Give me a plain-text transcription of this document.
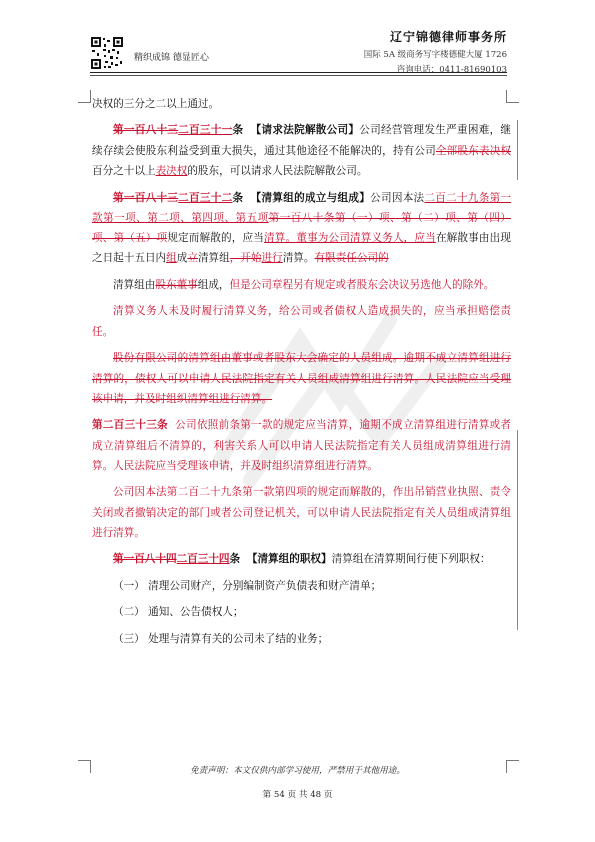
精织成锦 德显匠心
辽宁锦德律师事务所
国际 5A 级商务写字楼德健大厦 1726
咨询电话：0411-81690103

决权的三分之二以上通过。

第一百八十三二百三十一条 【请求法院解散公司】公司经营管理发生严重困难，继续存续会使股东利益受到重大损失，通过其他途径不能解决的，持有公司全部股东表决权百分之十以上表决权的股东，可以请求人民法院解散公司。

第一百八十三二百三十二条 【清算组的成立与组成】公司因本法二百二十九条第一款第一项、第二项、第四项、第五项第一百八十条第（一）项、第（二）项、第（四）项、第（五）项规定而解散的，应当清算。董事为公司清算义务人，应当在解散事由出现之日起十五日内组成立清算组，开始进行清算。有限责任公司的

清算组由股东董事组成，但是公司章程另有规定或者股东会决议另选他人的除外。

清算义务人未及时履行清算义务，给公司或者债权人造成损失的，应当承担赔偿责任。

股份有限公司的清算组由董事或者股东大会确定的人员组成。逾期不成立清算组进行清算的，债权人可以申请人民法院指定有关人员组成清算组进行清算。人民法院应当受理该申请，并及时组织清算组进行清算。

第二百三十三条 公司依照前条第一款的规定应当清算，逾期不成立清算组进行清算或者成立清算组后不清算的，利害关系人可以申请人民法院指定有关人员组成清算组进行清算。人民法院应当受理该申请，并及时组织清算组进行清算。

公司因本法第二百二十九条第一款第四项的规定而解散的，作出吊销营业执照、责令关闭或者撤销决定的部门或者公司登记机关，可以申请人民法院指定有关人员组成清算组进行清算。

第一百八十四二百三十四条 【清算组的职权】清算组在清算期间行使下列职权：

（一） 清理公司财产，分别编制资产负债表和财产清单；

（二） 通知、公告债权人；

（三） 处理与清算有关的公司未了结的业务；

免责声明：本文仅供内部学习使用，严禁用于其他用途。
第 54 页 共 48 页
